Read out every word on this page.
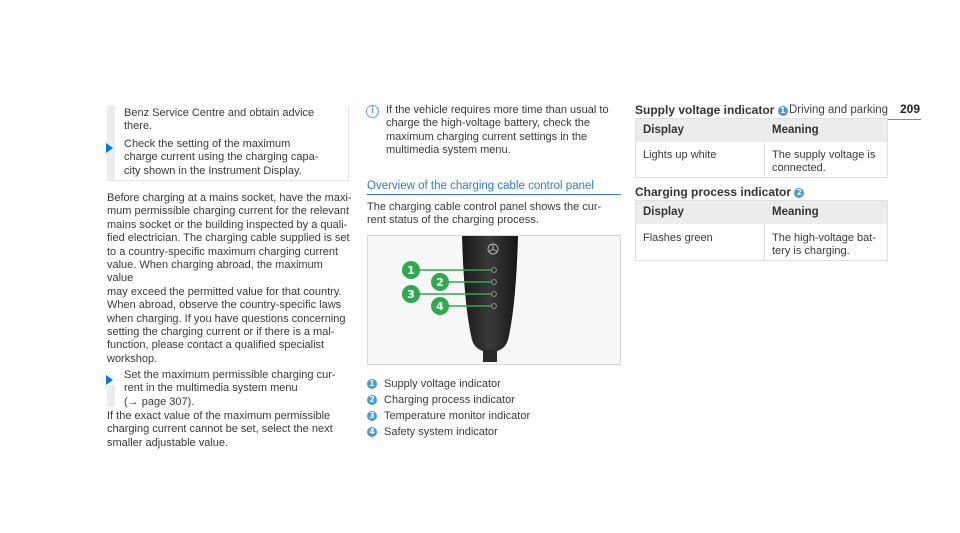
Driving and parking 209
Benz Service Centre and obtain advice
there.
Check the setting of the maximum
charge current using the charging capa-
city shown in the Instrument Display.
Before charging at a mains socket, have the maxi-
mum permissible charging current for the relevant
mains socket or the building inspected by a quali-
fied electrician. The charging cable supplied is set
to a country-specific maximum charging current
value. When charging abroad, the maximum value
may exceed the permitted value for that country.
When abroad, observe the country-specific laws
when charging. If you have questions concerning
setting the charging current or if there is a mal-
function, please contact a qualified specialist
workshop.
Set the maximum permissible charging cur-
rent in the multimedia system menu
(→ page 307).
If the exact value of the maximum permissible
charging current cannot be set, select the next
smaller adjustable value.
i	If the vehicle requires more time than usual to
charge the high-voltage battery, check the
maximum charging current settings in the
multimedia system menu.
Overview of the charging cable control panel
The charging cable control panel shows the cur-
rent status of the charging process.
1
2
3
4
1 Supply voltage indicator
2 Charging process indicator
3 Temperature monitor indicator
4 Safety system indicator
Supply voltage indicator 1
Display	Meaning
Lights up white	The supply voltage is
connected.
Charging process indicator 2
Display	Meaning
Flashes green	The high-voltage bat-
tery is charging.
